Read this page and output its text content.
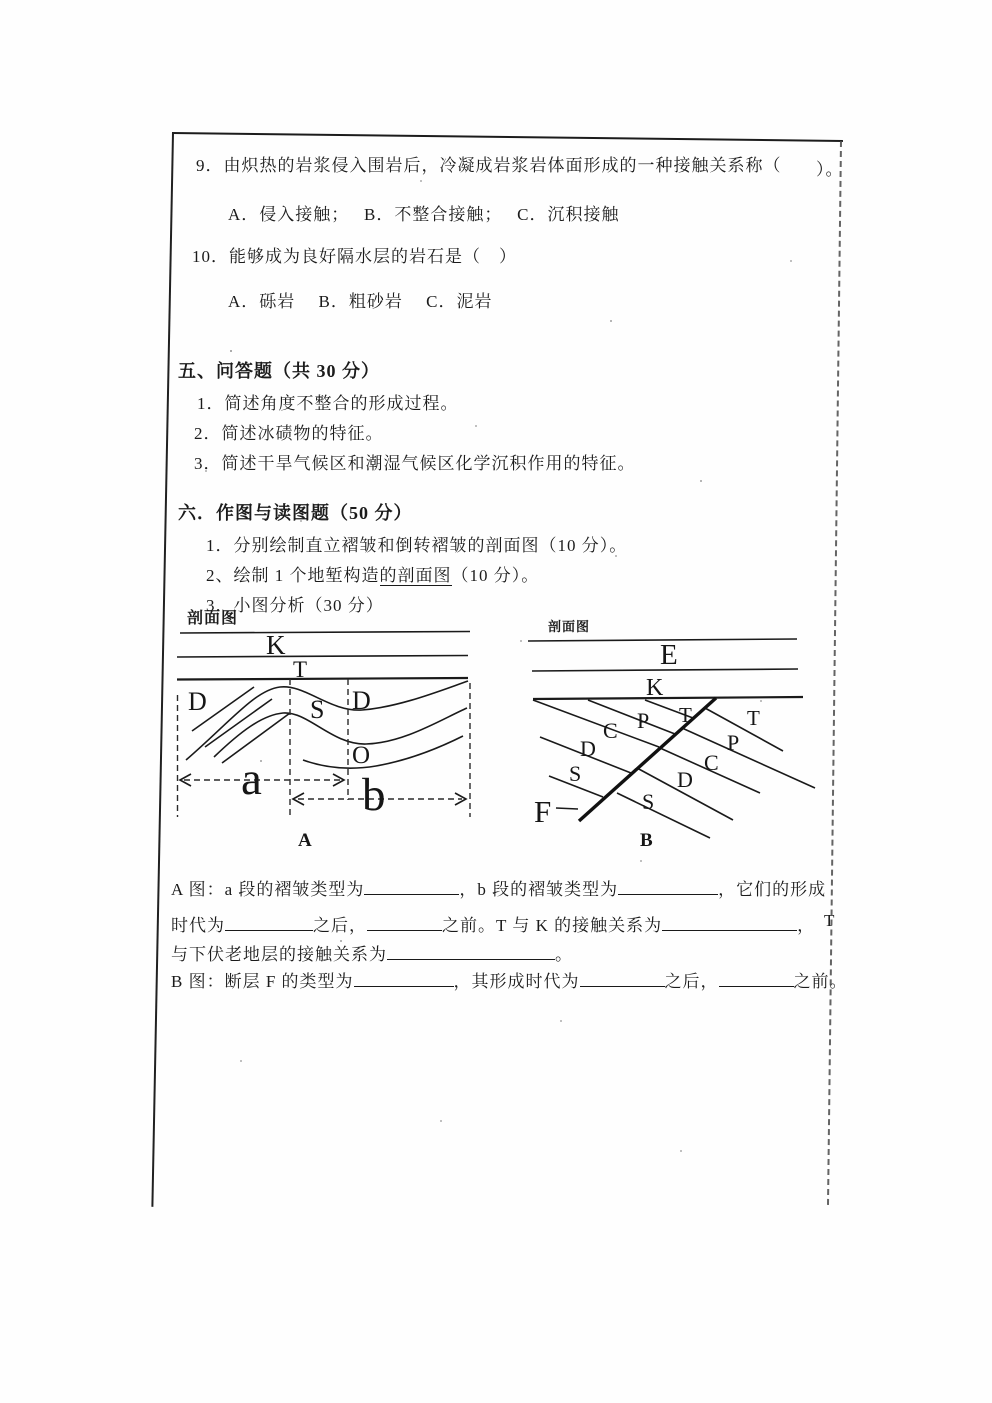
9．由炽热的岩浆侵入围岩后，冷凝成岩浆岩体面形成的一种接触关系称（ ）。
A．侵入接触；　 B．不整合接触；　 C．沉积接触
10．能够成为良好隔水层的岩石是（　）
A．砾岩　 B．粗砂岩　 C．泥岩
五、问答题（共 30 分）
1．简述角度不整合的形成过程。
2．简述冰碛物的特征。
3．简述干旱气候区和潮湿气候区化学沉积作用的特征。
六．作图与读图题（50 分）
1．分别绘制直立褶皱和倒转褶皱的剖面图（10 分）。
2、绘制 1 个地堑构造的剖面图（10 分）。
3．小图分析（30 分）
剖面图
K
T
D	S D
O
a b
A
剖面图
E
K
T
P
C
D
S
T
P
C
D
S
F
B
A 图：a 段的褶皱类型为	，b 段的褶皱类型为	，它们的形成
时代为	之后，	之前。T 与 K 的接触关系为	， T
与下伏老地层的接触关系为	。
B 图：断层 F 的类型为	，其形成时代为	之后，	之前。
